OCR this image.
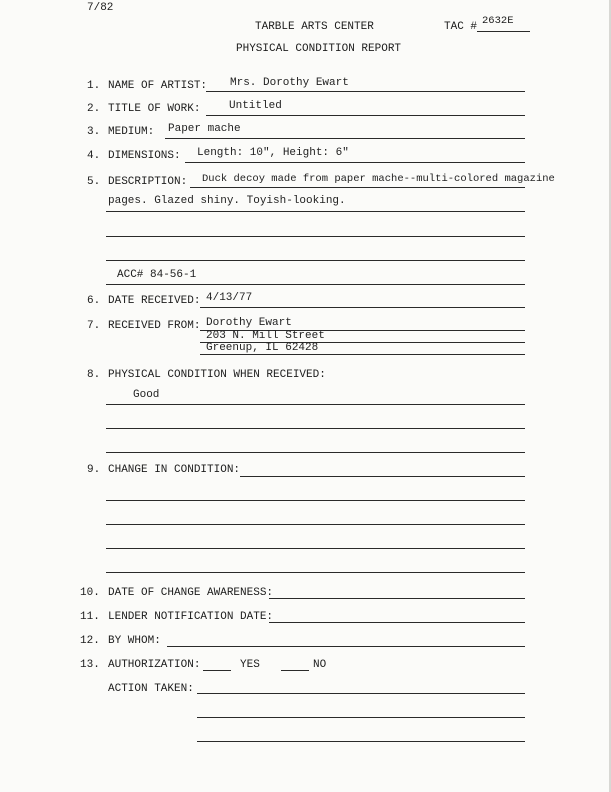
7/82
TARBLE ARTS CENTER	TAC # 2632E
PHYSICAL CONDITION REPORT
1. NAME OF ARTIST: Mrs. Dorothy Ewart
2. TITLE OF WORK:	Untitled
3. MEDIUM: Paper mache
4. DIMENSIONS: Length: 10", Height: 6"
5. DESCRIPTION: Duck decoy made from paper mache--multi-colored magazine
pages. Glazed shiny. Toyish-looking.
ACC# 84-56-1
6. DATE RECEIVED: 4/13/77
7. RECEIVED FROM: Dorothy Ewart
203 N. Mill Street
Greenup, IL 62428
8. PHYSICAL CONDITION WHEN RECEIVED:
Good
9. CHANGE IN CONDITION:
10. DATE OF CHANGE AWARENESS:
11. LENDER NOTIFICATION DATE:
12. BY WHOM:
13. AUTHORIZATION:	YES	NO
ACTION TAKEN:
